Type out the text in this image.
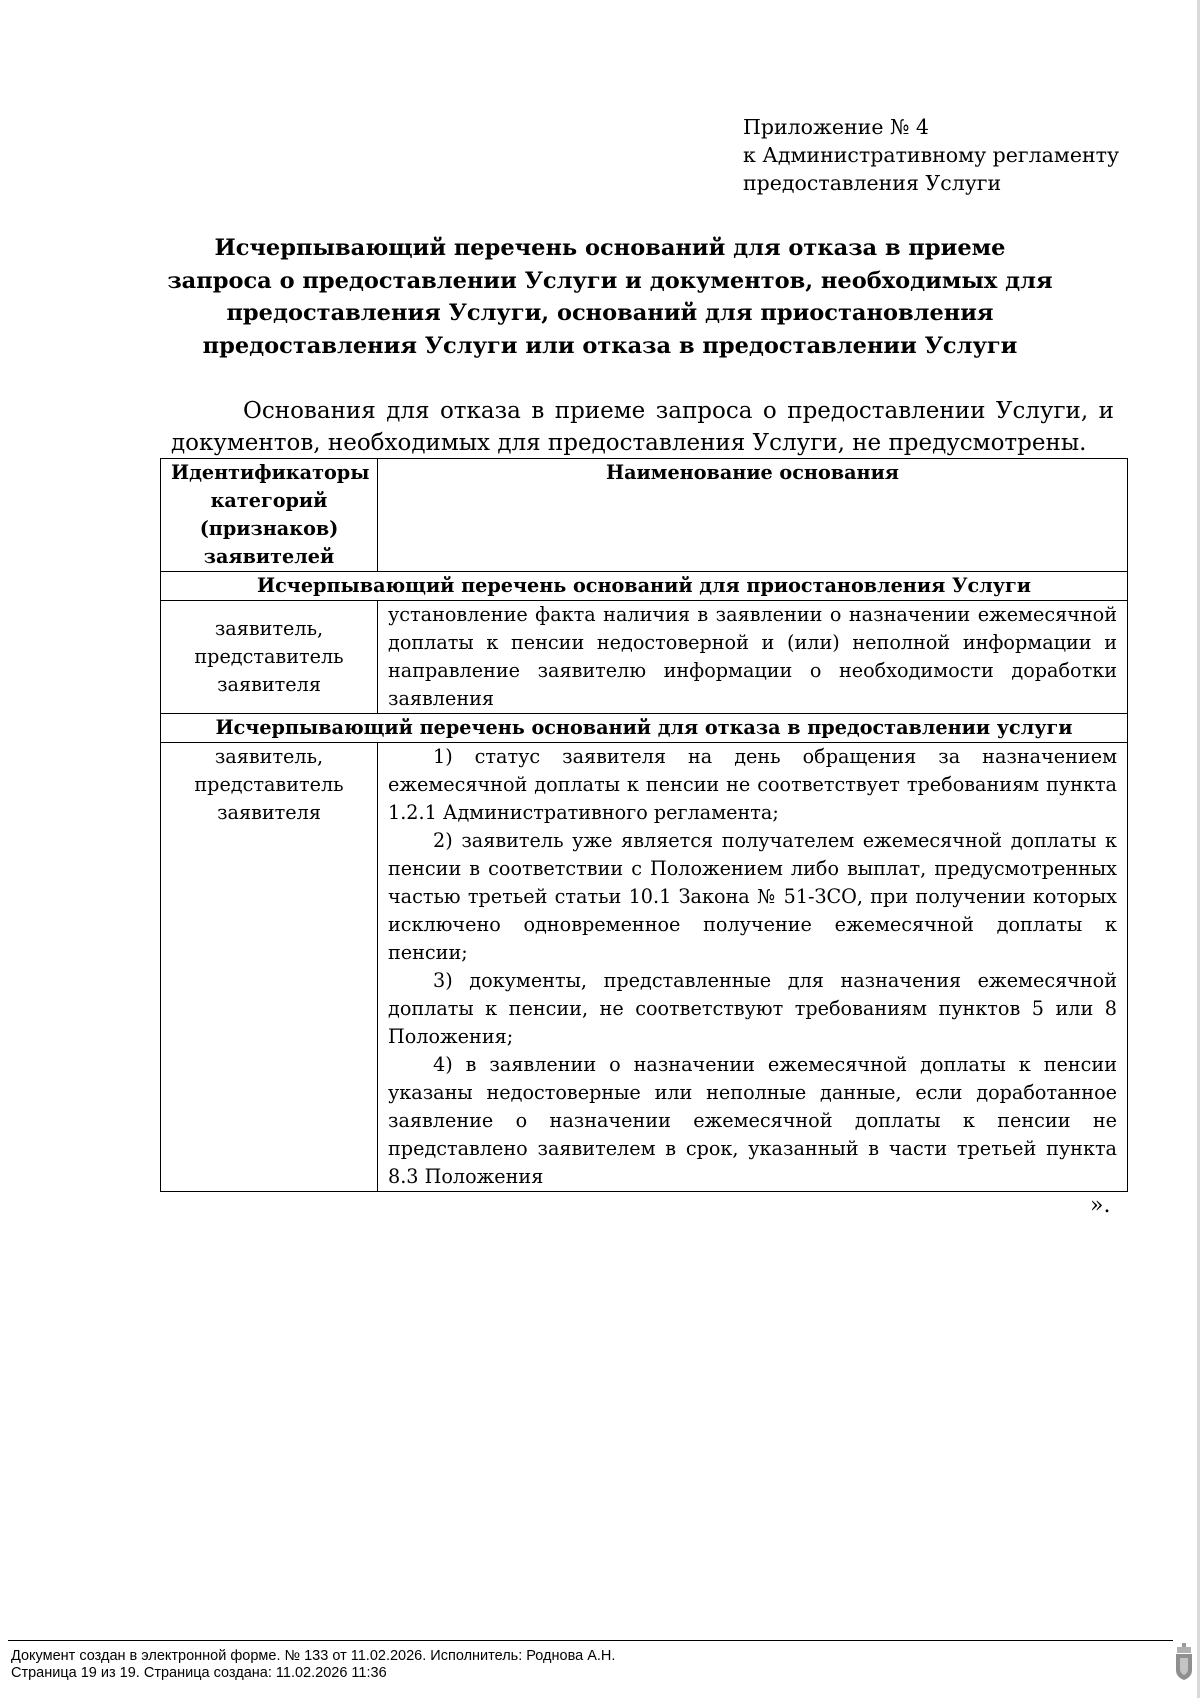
Приложение № 4
к Административному регламенту
предоставления Услуги
Исчерпывающий перечень оснований для отказа в приеме запроса о предоставлении Услуги и документов, необходимых для предоставления Услуги, оснований для приостановления предоставления Услуги или отказа в предоставлении Услуги

Основания для отказа в приеме запроса о предоставлении Услуги, и документов, необходимых для предоставления Услуги, не предусмотрены.

Идентификаторы категорий (признаков) заявителей	Наименование основания
Исчерпывающий перечень оснований для приостановления Услуги	
заявитель, представитель заявителя	установление факта наличия в заявлении о назначении ежемесячной доплаты к пенсии недостоверной и (или) неполной информации и направление заявителю информации о необходимости доработки заявления

Исчерпывающий перечень оснований для отказа в предоставлении услуги	
заявитель, представитель заявителя	1) статус заявителя на день обращения за назначением ежемесячной доплаты к пенсии не соответствует требованиям пункта 1.2.1 Административного регламента;

2) заявитель уже является получателем ежемесячной доплаты к пенсии в соответствии с Положением либо выплат, предусмотренных частью третьей статьи 10.1 Закона № 51-ЗСО, при получении которых исключено одновременное получение ежемесячной доплаты к пенсии;

3) документы, представленные для назначения ежемесячной доплаты к пенсии, не соответствуют требованиям пунктов 5 или 8 Положения;

4) в заявлении о назначении ежемесячной доплаты к пенсии указаны недостоверные или неполные данные, если доработанное заявление о назначении ежемесячной доплаты к пенсии не представлено заявителем в срок, указанный в части третьей пункта 8.3 Положения

».
Документ создан в электронной форме. № 133 от 11.02.2026. Исполнитель: Роднова А.Н.
Страница 19 из 19. Страница создана: 11.02.2026 11:36
